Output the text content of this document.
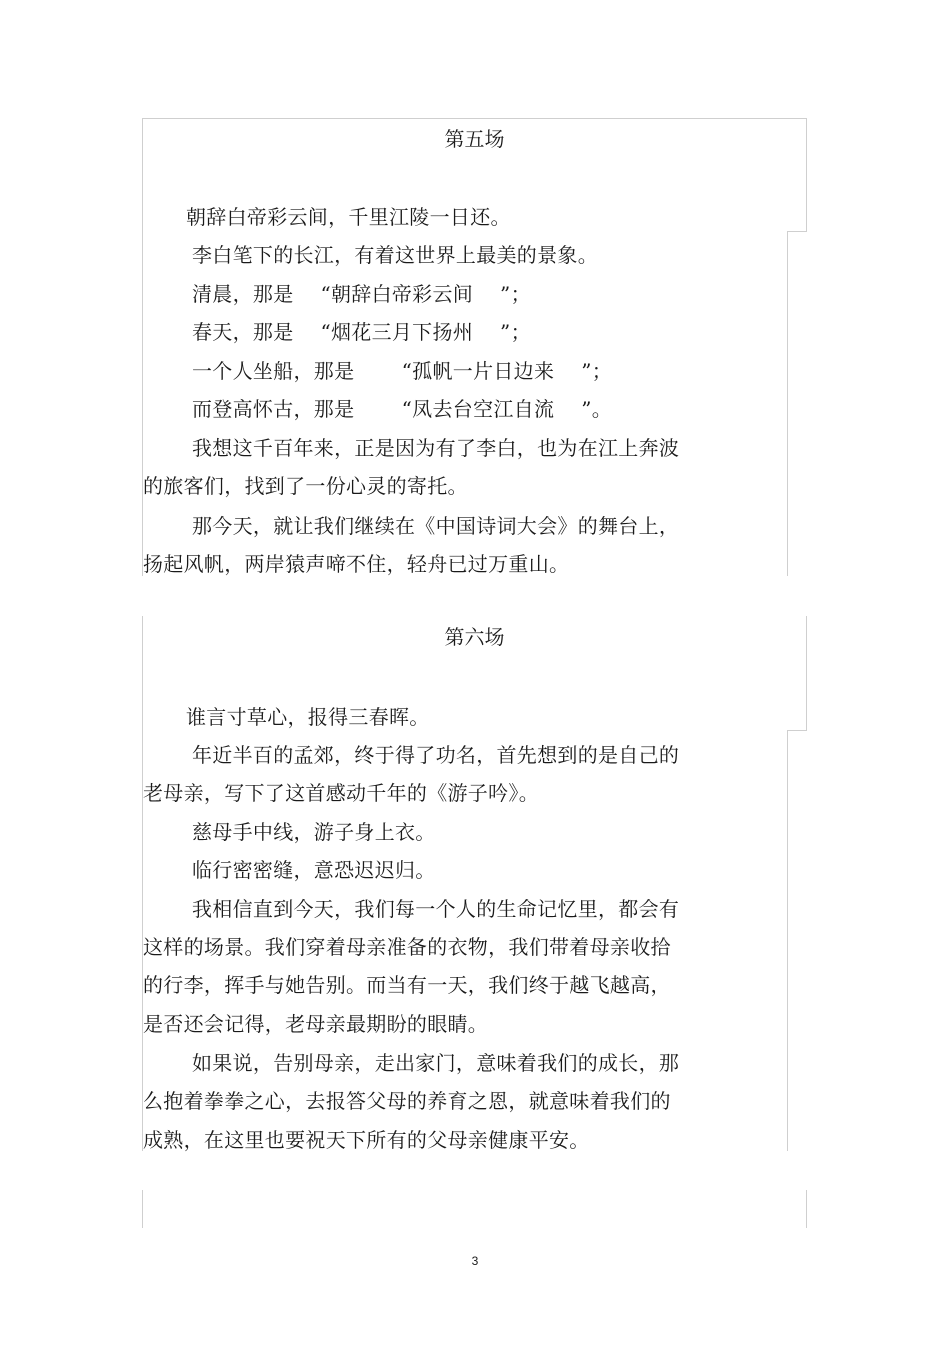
第五场

朝辞白帝彩云间，千里江陵一日还。

李白笔下的长江，有着这世界上最美的景象。

清晨，那是　 “朝辞白帝彩云间　 ”；

春天，那是　 “烟花三月下扬州　 ”；

一个人坐船，那是　　 “孤帆一片日边来　 ”；

而登高怀古，那是　　 “凤去台空江自流　 ”。

我想这千百年来，正是因为有了李白，也为在江上奔波

的旅客们，找到了一份心灵的寄托。

那今天，就让我们继续在《中国诗词大会》的舞台上，

扬起风帆，两岸猿声啼不住，轻舟已过万重山。

第六场

谁言寸草心，报得三春晖。

年近半百的孟郊，终于得了功名，首先想到的是自己的

老母亲，写下了这首感动千年的《游子吟》。

慈母手中线，游子身上衣。

临行密密缝，意恐迟迟归。

我相信直到今天，我们每一个人的生命记忆里，都会有

这样的场景。我们穿着母亲准备的衣物，我们带着母亲收拾

的行李，挥手与她告别。而当有一天，我们终于越飞越高，

是否还会记得，老母亲最期盼的眼睛。

如果说，告别母亲，走出家门，意味着我们的成长，那

么抱着拳拳之心，去报答父母的养育之恩，就意味着我们的

成熟，在这里也要祝天下所有的父母亲健康平安。

3
